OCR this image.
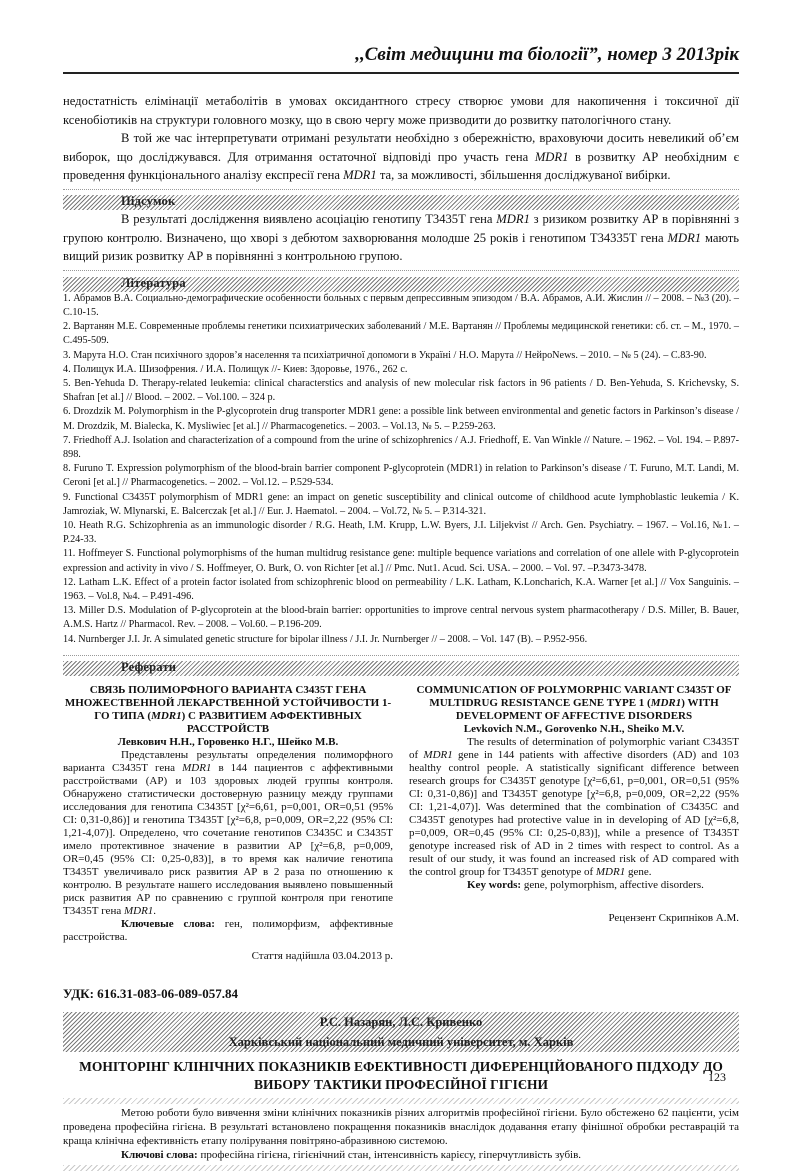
,,Світ медицини та біології”, номер 3 2013рік
недостатність елімінації метаболітів в умовах оксидантного стресу створює умови для накопичення і токсичної дії ксенобіотиків на структури головного мозку, що в свою чергу може призводити до розвитку патологічного стану.
В той же час інтерпретувати отримані результати необхідно з обережністю, враховуючи досить невеликий об’єм виборок, що досліджувався. Для отримання остаточної відповіді про участь гена MDR1 в розвитку АР необхідним є проведення функціонального аналізу експресії гена MDR1 та, за можливості, збільшення досліджуваної вибірки.
Підсумок
В результаті дослідження виявлено асоціацію генотипу Т3435Т гена MDR1 з ризиком розвитку АР в порівнянні з групою контролю. Визначено, що хворі з дебютом захворювання молодше 25 років і генотипом Т34335Т гена MDR1 мають вищий ризик розвитку АР в порівнянні з контрольною групою.
Література

1. Абрамов В.А. Социально-демографические особенности больных с первым депрессивным эпизодом / В.А. Абрамов, А.И. Жислин // – 2008. – №3 (20). – С.10-15.

2. Вартанян М.Е. Современные проблемы генетики психиатрических заболеваний / М.Е. Вартанян // Проблемы медицинской генетики: сб. ст. – М., 1970. – С.495-509.

3. Марута Н.О. Стан психічного здоров’я населення та психіатричної допомоги в Україні / Н.О. Марута // НейроNews. – 2010. – № 5 (24). – С.83-90.

4. Полищук И.А. Шизофрения. / И.А. Полищук //- Киев: Здоровье, 1976., 262 с.

5. Ben-Yehuda D. Therapy-related leukemia: clinical characterstics and analysis of new molecular risk factors in 96 patients / D. Ben-Yehuda, S. Krichevsky, S. Shafran [et al.] // Blood. – 2002. – Vol.100. – 324 p.

6. Drozdzik M. Polymorphism in the P-glycoprotein drug transporter MDR1 gene: a possible link between environmental and genetic factors in Parkinson’s disease / M. Drozdzik, M. Bialecka, K. Mysliwiec [et al.] // Pharmacogenetics. – 2003. – Vol.13, № 5. – P.259-263.

7. Friedhoff A.J. Isolation and characterization of a compound from the urine of schizophrenics / A.J. Friedhoff, E. Van Winkle // Nature. – 1962. – Vol. 194. – P.897-898.

8. Furuno T. Expression polymorphism of the blood-brain barrier component P-glycoprotein (MDR1) in relation to Parkinson’s disease / T. Furuno, M.T. Landi, M. Ceroni [et al.] // Pharmacogenetics. – 2002. – Vol.12. – P.529-534.

9. Functional C3435T polymorphism of MDR1 gene: an impact on genetic susceptibility and clinical outcome of childhood acute lymphoblastic leukemia / K. Jamroziak, W. Mlynarski, E. Balcerczak [et al.] // Eur. J. Haematol. – 2004. – Vol.72, № 5. – P.314-321.

10. Heath R.G. Schizophrenia as an immunologic disorder / R.G. Heath, I.M. Krupp, L.W. Byers, J.I. Liljekvist // Arch. Gen. Psychiatry. – 1967. – Vol.16, №1. – P.24-33.

11. Hoffmeyer S. Functional polymorphisms of the human multidrug resistance gene: multiple bequence variations and correlation of one allele with P-glycoprotein expression and activity in vivo / S. Hoffmeyer, O. Burk, O. von Richter [et al.] // Pmc. Nut1. Acud. Sci. USA. – 2000. – Vol. 97. –P.3473-3478.

12. Latham L.K. Effect of a protein factor isolated from schizophrenic blood on permeability / L.K. Latham, K.Loncharich, K.A. Warner [et al.] // Vox Sanguinis. – 1963. – Vol.8, №4. – P.491-496.

13. Miller D.S. Modulation of P-glycoprotein at the blood-brain barrier: opportunities to improve central nervous system pharmacotherapy / D.S. Miller, B. Bauer, A.M.S. Hartz // Pharmacol. Rev. – 2008. – Vol.60. – P.196-209.

14. Nurnberger J.I. Jr. A simulated genetic structure for bipolar illness / J.I. Jr. Nurnberger // – 2008. – Vol. 147 (B). – P.952-956.

Реферати
СВЯЗЬ ПОЛИМОРФНОГО ВАРИАНТА С3435Т ГЕНА МНОЖЕСТВЕННОЙ ЛЕКАРСТВЕННОЙ УСТОЙЧИВОСТИ 1-ГО ТИПА (MDR1) С РАЗВИТИЕМ АФФЕКТИВНЫХ РАССТРОЙСТВ
Левкович Н.Н., Горовенко Н.Г., Шейко М.В.
Представлены результаты определения полиморфного варианта С3435Т гена MDR1 в 144 пациентов с аффективными расстройствами (АР) и 103 здоровых людей группы контроля. Обнаружено статистически достоверную разницу между группами исследования для генотипа С3435Т [χ²=6,61, p=0,001, OR=0,51 (95% CI: 0,31-0,86)] и генотипа Т3435Т [χ²=6,8, p=0,009, OR=2,22 (95% CI: 1,21-4,07)]. Определено, что сочетание генотипов С3435С и С3435Т имело протективное значение в развитии АР [χ²=6,8, p=0,009, OR=0,45 (95% CI: 0,25-0,83)], в то время как наличие генотипа Т3435Т увеличивало риск развития АР в 2 раза по отношению к контролю. В результате нашего исследования выявлено повышенный риск развития АР по сравнению с группой контроля при генотипе Т3435Т гена MDR1.
Ключевые слова: ген, полиморфизм, аффективные расстройства.
Стаття надійшла 03.04.2013 р.
COMMUNICATION OF POLYMORPHIC VARIANT C3435T OF MULTIDRUG RESISTANCE GENE TYPE 1 (MDR1) WITH DEVELOPMENT OF AFFECTIVE DISORDERS
Levkovich N.M., Gorovenko N.H., Sheiko M.V.
The results of determination of polymorphic variant C3435T of MDR1 gene in 144 patients with affective disorders (AD) and 103 healthy control people. A statistically significant difference between research groups for C3435T genotype [χ²=6,61, p=0,001, OR=0,51 (95% CI: 0,31-0,86)] and T3435T genotype [χ²=6,8, p=0,009, OR=2,22 (95% CI: 1,21-4,07)]. Was determined that the combination of C3435C and C3435T genotypes had protective value in in developing of AD [χ²=6,8, p=0,009, OR=0,45 (95% CI: 0,25-0,83)], while a presence of T3435T genotype increased risk of AD in 2 times with respect to control. As a result of our study, it was found an increased risk of AD compared with the control group for T3435T genotype of MDR1 gene.
Key words: gene, polymorphism, affective disorders.
Рецензент Скрипніков А.М.
УДК: 616.31-083-06-089-057.84
Р.С. Назарян, Л.С. Кривенко
Харківський національний медичний університет, м. Харків
МОНІТОРІНГ КЛІНІЧНИХ ПОКАЗНИКІВ ЕФЕКТИВНОСТІ ДИФЕРЕНЦІЙОВАНОГО ПІДХОДУ ДО ВИБОРУ ТАКТИКИ ПРОФЕСІЙНОЇ ГІГІЄНИ
Метою роботи було вивчення зміни клінічних показників різних алгоритмів професійної гігієни. Було обстежено 62 пацієнти, усім проведена професійна гігієна. В результаті встановлено покращення показників внаслідок додавання етапу фінішної обробки реставрацій та краща клінічна ефективність етапу полірування повітряно-абразивною системою.
Ключові слова: професійна гігієна, гігієнічний стан, інтенсивність карієсу, гіперчутливість зубів.
123
